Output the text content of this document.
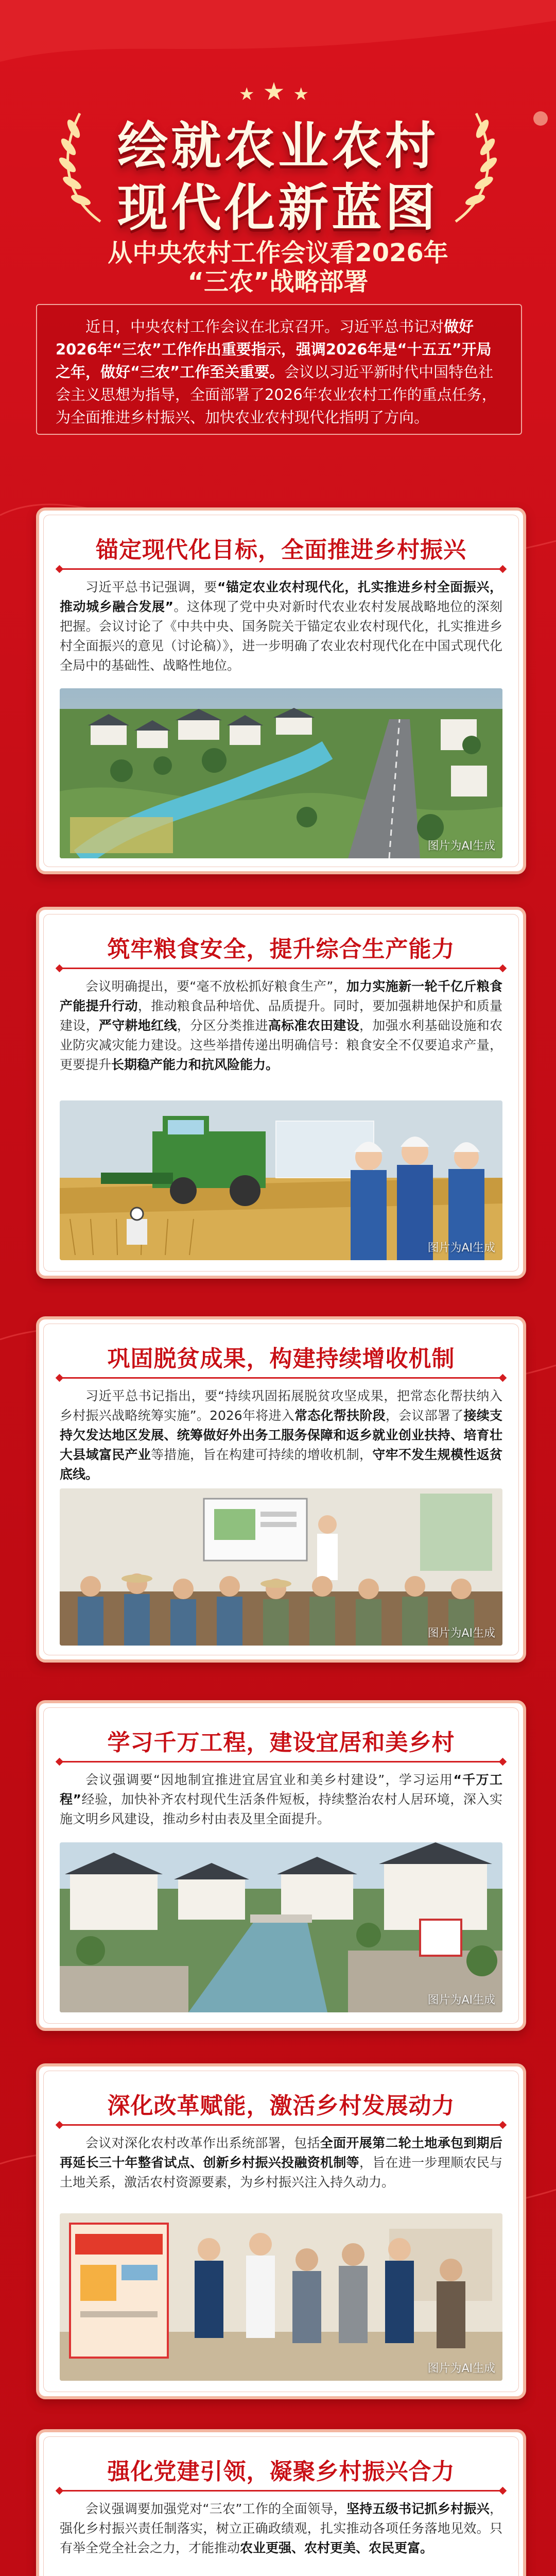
★★★
绘就农业农村
现代化新蓝图
从中央农村工作会议看2026年
“三农”战略部署

近日，中央农村工作会议在北京召开。习近平总书记对做好2026年“三农”工作作出重要指示，强调2026年是“十五五”开局之年，做好“三农”工作至关重要。会议以习近平新时代中国特色社会主义思想为指导，全面部署了2026年农业农村工作的重点任务，为全面推进乡村振兴、加快农业农村现代化指明了方向。

锚定现代化目标，全面推进乡村振兴
习近平总书记强调，要“锚定农业农村现代化，扎实推进乡村全面振兴，推动城乡融合发展”。这体现了党中央对新时代农业农村发展战略地位的深刻把握。会议讨论了《中共中央、国务院关于锚定农业农村现代化，扎实推进乡村全面振兴的意见（讨论稿）》，进一步明确了农业农村现代化在中国式现代化全局中的基础性、战略性地位。
图片为AI生成
筑牢粮食安全，提升综合生产能力
会议明确提出，要“毫不放松抓好粮食生产”，加力实施新一轮千亿斤粮食产能提升行动，推动粮食品种培优、品质提升。同时，要加强耕地保护和质量建设，严守耕地红线，分区分类推进高标准农田建设，加强水利基础设施和农业防灾减灾能力建设。这些举措传递出明确信号：粮食安全不仅要追求产量，更要提升长期稳产能力和抗风险能力。
图片为AI生成
巩固脱贫成果，构建持续增收机制
习近平总书记指出，要“持续巩固拓展脱贫攻坚成果，把常态化帮扶纳入乡村振兴战略统筹实施”。2026年将进入常态化帮扶阶段，会议部署了接续支持欠发达地区发展、统筹做好外出务工服务保障和返乡就业创业扶持、培育壮大县域富民产业等措施，旨在构建可持续的增收机制，守牢不发生规模性返贫底线。
图片为AI生成
学习千万工程，建设宜居和美乡村
会议强调要“因地制宜推进宜居宜业和美乡村建设”，学习运用“千万工程”经验，加快补齐农村现代生活条件短板，持续整治农村人居环境，深入实施文明乡风建设，推动乡村由表及里全面提升。
图片为AI生成
深化改革赋能，激活乡村发展动力
会议对深化农村改革作出系统部署，包括全面开展第二轮土地承包到期后再延长三十年整省试点、创新乡村振兴投融资机制等，旨在进一步理顺农民与土地关系，激活农村资源要素，为乡村振兴注入持久动力。
图片为AI生成
强化党建引领，凝聚乡村振兴合力
会议强调要加强党对“三农”工作的全面领导，坚持五级书记抓乡村振兴，强化乡村振兴责任制落实，树立正确政绩观，扎实推动各项任务落地见效。只有举全党全社会之力，才能推动农业更强、农村更美、农民更富。
